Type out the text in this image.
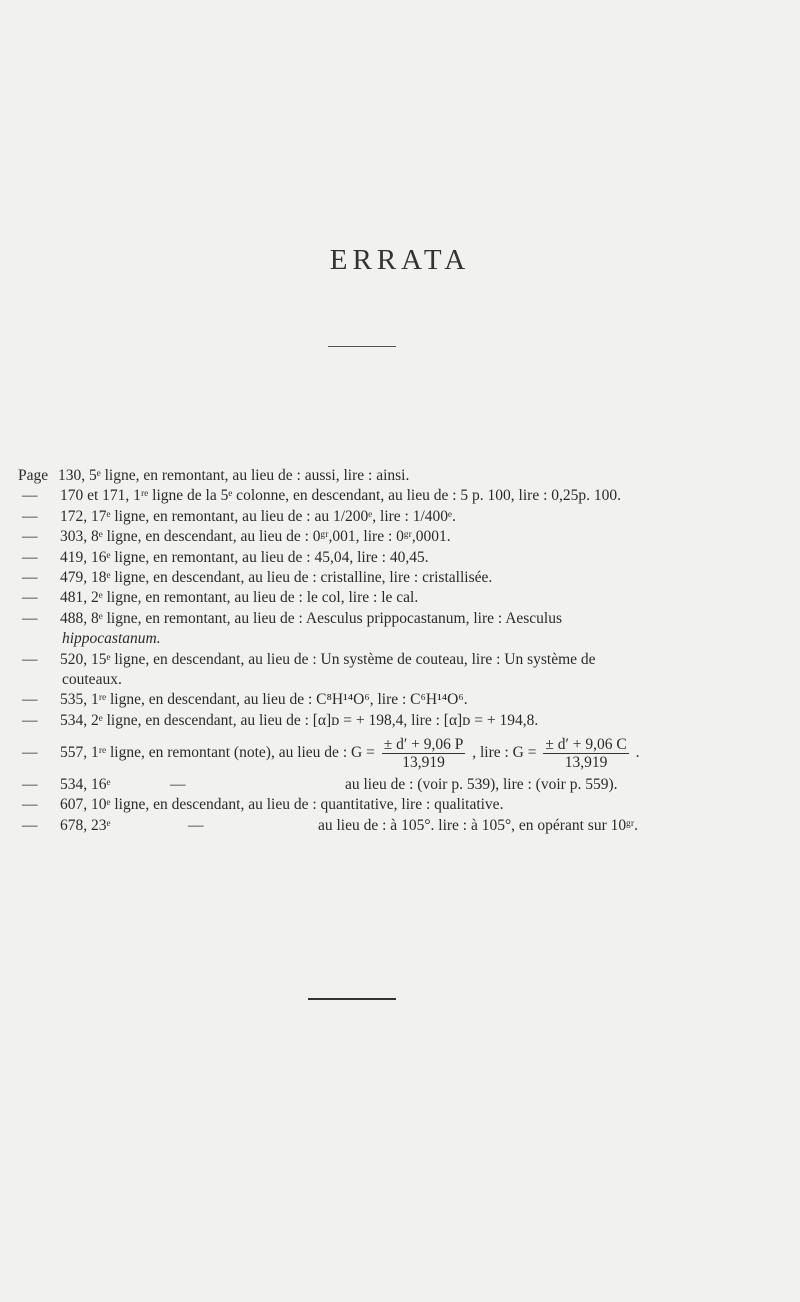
ERRATA
Page 130, 5ᵉ ligne, en remontant, au lieu de : aussi, lire : ainsi.
—	170 et 171, 1ʳᵉ ligne de la 5ᵉ colonne, en descendant, au lieu de : 5 p. 100, lire : 0,25p. 100.
—	172, 17ᵉ ligne, en remontant, au lieu de : au 1/200ᵉ, lire : 1/400ᵉ.
—	303, 8ᵉ ligne, en descendant, au lieu de : 0ᵍʳ,001, lire : 0ᵍʳ,0001.
—	419, 16ᵉ ligne, en remontant, au lieu de : 45,04, lire : 40,45.
—	479, 18ᵉ ligne, en descendant, au lieu de : cristalline, lire : cristallisée.
—	481, 2ᵉ ligne, en remontant, au lieu de : le col, lire : le cal.
—	488, 8ᵉ ligne, en remontant, au lieu de : Aesculus prippocastanum, lire : Aesculus
hippocastanum.
—	520, 15ᵉ ligne, en descendant, au lieu de : Un système de couteau, lire : Un système de
couteaux.
—	535, 1ʳᵉ ligne, en descendant, au lieu de : C⁸H¹⁴O⁶, lire : C⁶H¹⁴O⁶.
—	534, 2ᵉ ligne, en descendant, au lieu de : [α]ᴅ = + 198,4, lire : [α]ᴅ = + 194,8.
—	557, 1ʳᵉ ligne, en remontant (note), au lieu de : $G = \frac{\pm d' + 9,06 P}{13,919}$ , lire : $G = \frac{\pm d' + 9,06 C}{13,919}$ .
—	534, 16ᵉ	—	au lieu de : (voir p. 539), lire : (voir p. 559).
—	607, 10ᵉ ligne, en descendant, au lieu de : quantitative, lire : qualitative.
—	678, 23ᵉ	—	au lieu de : à 105°. lire : à 105°, en opérant sur 10ᵍʳ.
